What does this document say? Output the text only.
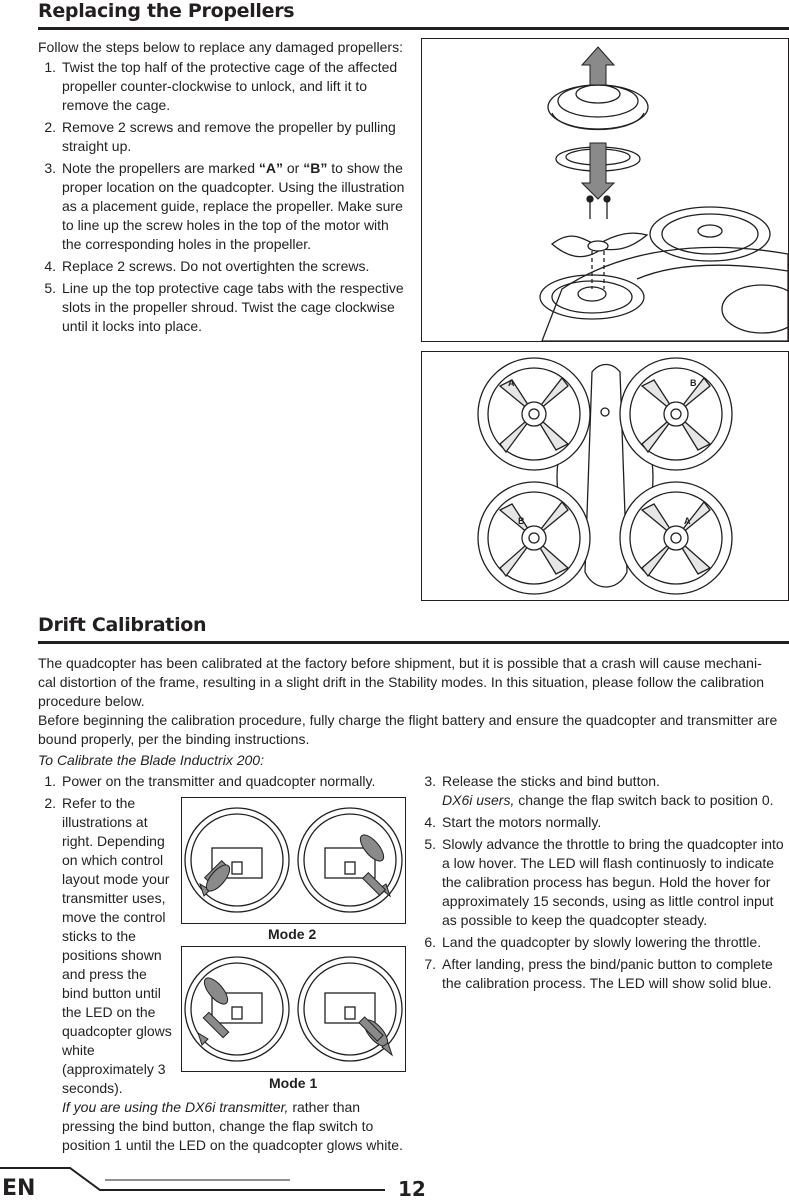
Replacing the Propellers
Follow the steps below to replace any damaged propellers:
1. Twist the top half of the protective cage of the affected propeller counter-clockwise to unlock, and lift it to remove the cage.
2. Remove 2 screws and remove the propeller by pulling straight up.
3. Note the propellers are marked “A” or “B” to show the proper location on the quadcopter. Using the illustration as a placement guide, replace the propeller. Make sure to line up the screw holes in the top of the motor with the corresponding holes in the propeller.
4. Replace 2 screws. Do not overtighten the screws.
5. Line up the top protective cage tabs with the respective slots in the propeller shroud. Twist the cage clockwise until it locks into place.
A	B
B	A
Drift Calibration

The quadcopter has been calibrated at the factory before shipment, but it is possible that a crash will cause mechani-cal distortion of the frame, resulting in a slight drift in the Stability modes. In this situation, please follow the calibration procedure below.

Before beginning the calibration procedure, fully charge the flight battery and ensure the quadcopter and transmitter are bound properly, per the binding instructions.

To Calibrate the Blade Inductrix 200:
1. Power on the transmitter and quadcopter normally.
2. Refer to the illustrations at right. Depending on which control layout mode your transmitter uses, move the control sticks to the positions shown and press the bind button until the LED on the quadcopter glows white (approximately 3 seconds).
If you are using the DX6i transmitter, rather than pressing the bind button, change the flap switch to position 1 until the LED on the quadcopter glows white.
Mode 2
Mode 1
3. Release the sticks and bind button.
DX6i users, change the flap switch back to position 0.
4. Start the motors normally.
5. Slowly advance the throttle to bring the quadcopter into a low hover. The LED will flash continuosly to indicate the calibration process has begun. Hold the hover for approximately 15 seconds, using as little control input as possible to keep the quadcopter steady.
6. Land the quadcopter by slowly lowering the throttle.
7. After landing, press the bind/panic button to complete the calibration process. The LED will show solid blue.
EN	12
